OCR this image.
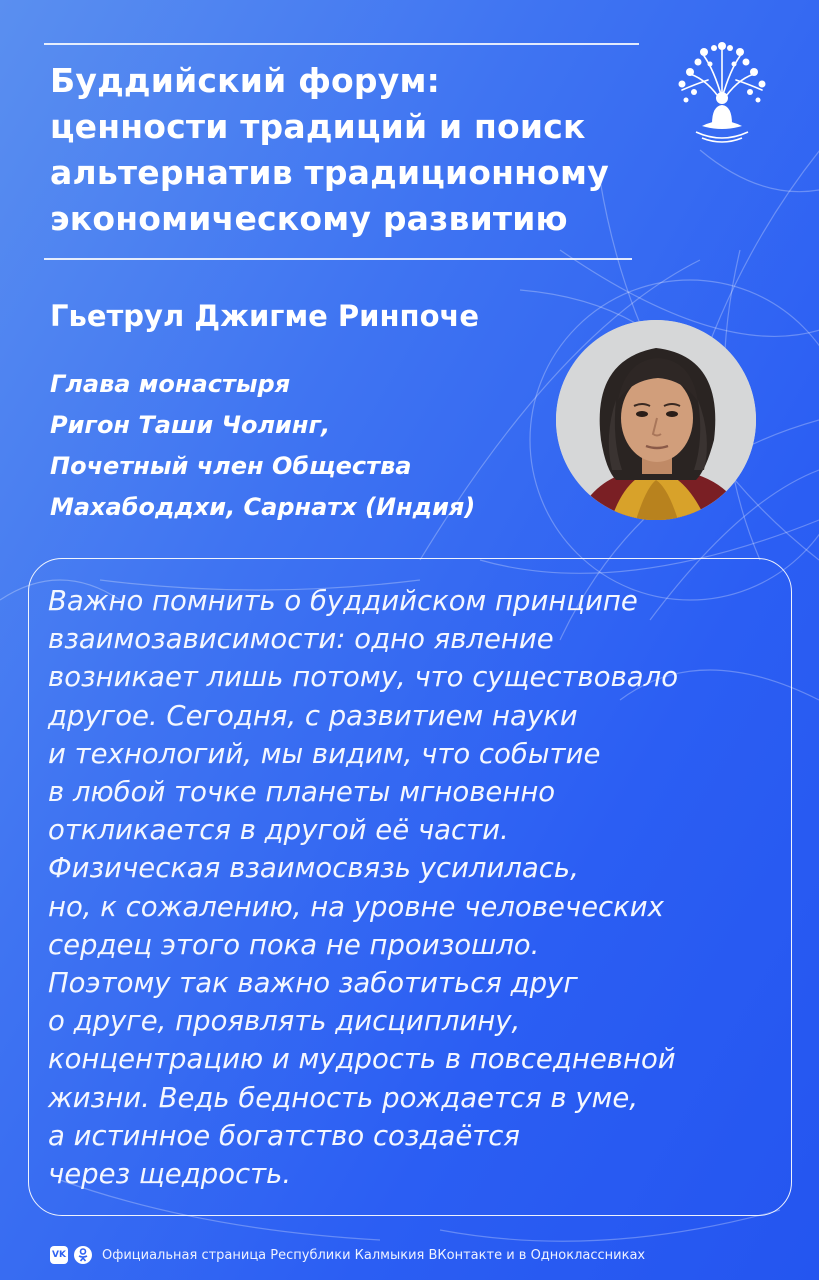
Буддийский форум:
ценности традиций и поиск
альтернатив традиционному
экономическому развитию
Гьетрул Джигме Ринпоче
Глава монастыря
Ригон Таши Чолинг,
Почетный член Общества
Махабоддхи, Сарнатх (Индия)
Важно помнить о буддийском принципе
взаимозависимости: одно явление
возникает лишь потому, что существовало
другое. Сегодня, с развитием науки
и технологий, мы видим, что событие
в любой точке планеты мгновенно
откликается в другой её части.
Физическая взаимосвязь усилилась,
но, к сожалению, на уровне человеческих
сердец этого пока не произошло.
Поэтому так важно заботиться друг
о друге, проявлять дисциплину,
концентрацию и мудрость в повседневной
жизни. Ведь бедность рождается в уме,
а истинное богатство создаётся
через щедрость.
VK	Официальная страница Республики Калмыкия ВКонтакте и в Одноклассниках
